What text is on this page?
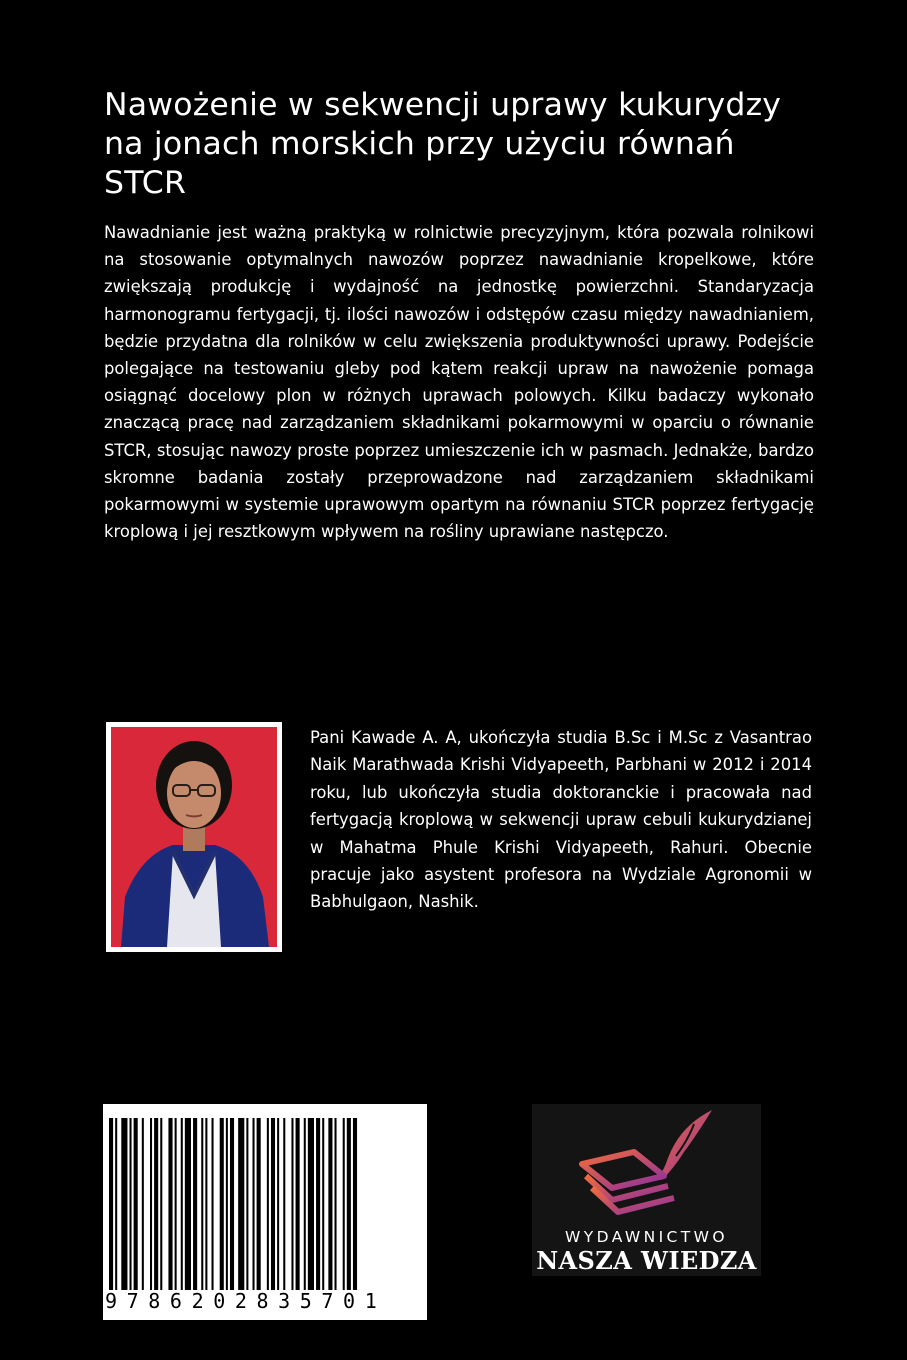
Nawożenie w sekwencji uprawy kukurydzy na jonach morskich przy użyciu równań STCR

Nawadnianie jest ważną praktyką w rolnictwie precyzyjnym, która pozwala rolnikowi na stosowanie optymalnych nawozów poprzez nawadnianie kropelkowe, które zwiększają produkcję i wydajność na jednostkę powierzchni. Standaryzacja harmonogramu fertygacji, tj. ilości nawozów i odstępów czasu między nawadnianiem, będzie przydatna dla rolników w celu zwiększenia produktywności uprawy. Podejście polegające na testowaniu gleby pod kątem reakcji upraw na nawożenie pomaga osiągnąć docelowy plon w różnych uprawach polowych. Kilku badaczy wykonało znaczącą pracę nad zarządzaniem składnikami pokarmowymi w oparciu o równanie STCR, stosując nawozy proste poprzez umieszczenie ich w pasmach. Jednakże, bardzo skromne badania zostały przeprowadzone nad zarządzaniem składnikami pokarmowymi w systemie uprawowym opartym na równaniu STCR poprzez fertygację kroplową i jej resztkowym wpływem na rośliny uprawiane następczo.

Pani Kawade A. A, ukończyła studia B.Sc i M.Sc z Vasantrao Naik Marathwada Krishi Vidyapeeth, Parbhani w 2012 i 2014 roku, lub ukończyła studia doktoranckie i pracowała nad fertygacją kroplową w sekwencji upraw cebuli kukurydzianej w Mahatma Phule Krishi Vidyapeeth, Rahuri. Obecnie pracuje jako asystent profesora na Wydziale Agronomii w Babhulgaon, Nashik.

9786202835701
WYDAWNICTWO
NASZA WIEDZA
